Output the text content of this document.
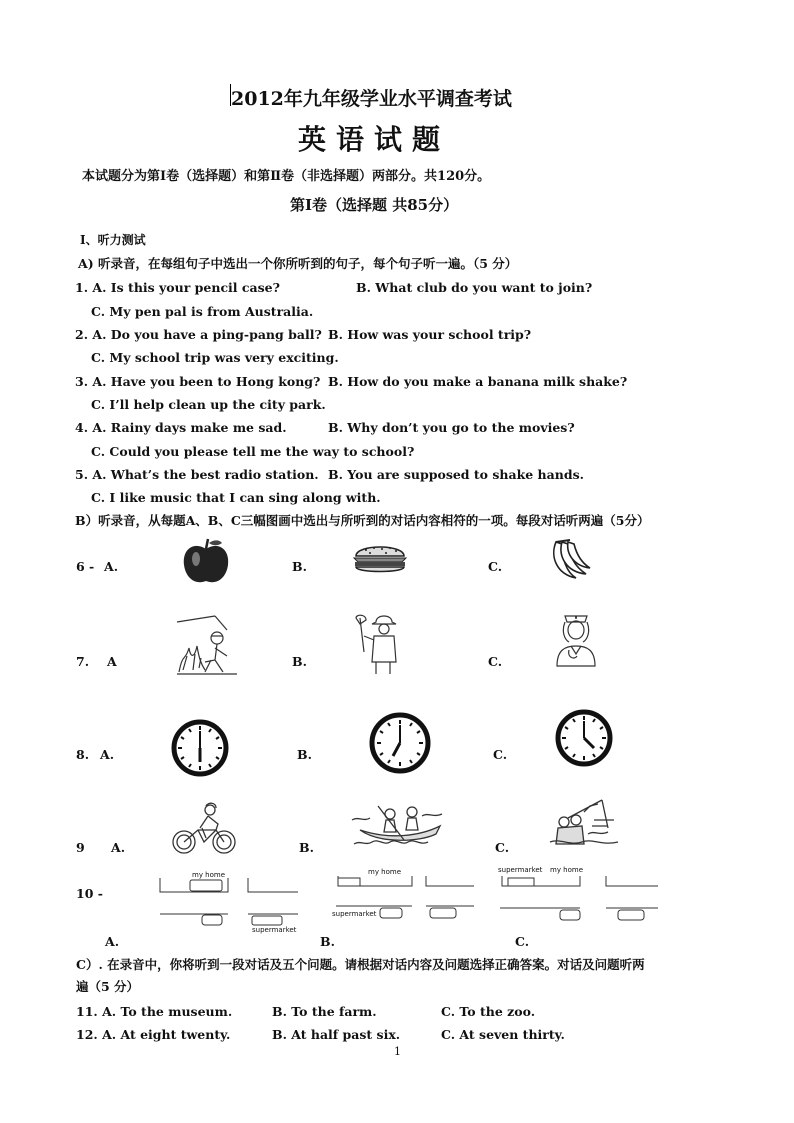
2012年九年级学业水平调查考试
英语试题
本试题分为第Ⅰ卷（选择题）和第Ⅱ卷（非选择题）两部分。共120分。
第Ⅰ卷（选择题 共85分）
Ⅰ、听力测试
A) 听录音，在每组句子中选出一个你所听到的句子，每个句子听一遍。（5 分）
1. A. Is this your pencil case?	B. What club do you want to join?
C. My pen pal is from Australia.
2. A. Do you have a ping-pang ball? B. How was your school trip?
C. My school trip was very exciting.
3. A. Have you been to Hong kong? B. How do you make a banana milk shake?
C. I’ll help clean up the city park.
4. A. Rainy days make me sad.	B. Why don’t you go to the movies?
C. Could you please tell me the way to school?
5. A. What’s the best radio station. B. You are supposed to shake hands.
C. I like music that I can sing along with.
B）听录音，从每题A、B、C三幅图画中选出与所听到的对话内容相符的一项。每段对话听两遍（5分）
6 - A.	B.	C.
7. A	B.	C.
8. A.	B.	C.
9 A.	B.	C.
10 -
A.	B.	C.
my home
supermarket
my home
supermarket
supermarket my home
C）. 在录音中，你将听到一段对话及五个问题。请根据对话内容及问题选择正确答案。对话及问题听两
遍（5 分）
11. A. To the museum.	B. To the farm.	C. To the zoo.
12. A. At eight twenty.	B. At half past six.	C. At seven thirty.
1
